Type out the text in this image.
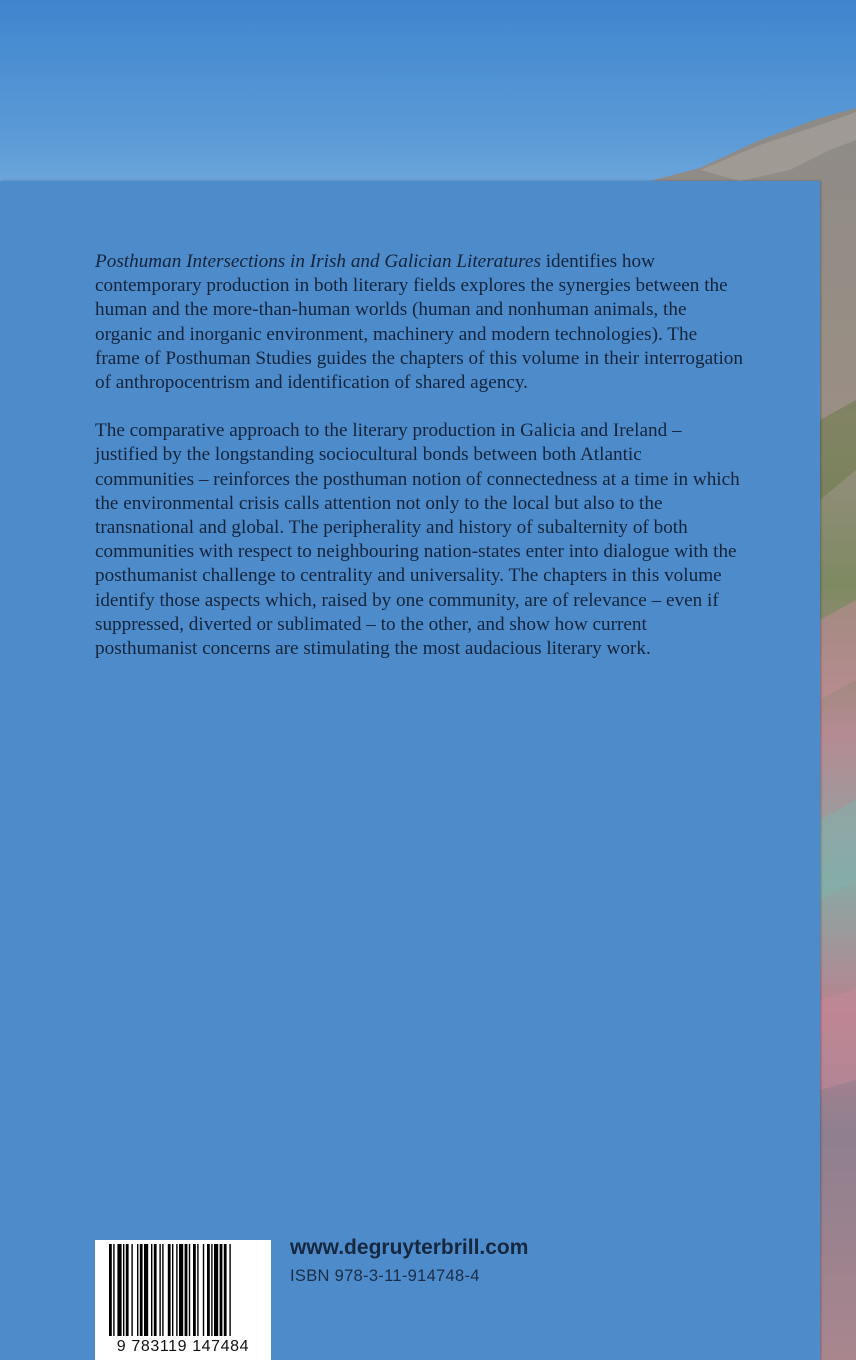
Posthuman Intersections in Irish and Galician Literatures identifies how contemporary production in both literary fields explores the synergies between the human and the more-than-human worlds (human and nonhuman animals, the organic and inorganic environment, machinery and modern technologies). The frame of Posthuman Studies guides the chapters of this volume in their interrogation of anthropocentrism and identification of shared agency.

The comparative approach to the literary production in Galicia and Ireland – justified by the longstanding sociocultural bonds between both Atlantic communities – reinforces the posthuman notion of connectedness at a time in which the environmental crisis calls attention not only to the local but also to the transnational and global. The peripherality and history of subalternity of both communities with respect to neighbouring nation-states enter into dialogue with the posthumanist challenge to centrality and universality. The chapters in this volume identify those aspects which, raised by one community, are of relevance – even if suppressed, diverted or sublimated – to the other, and show how current posthumanist concerns are stimulating the most audacious literary work.

9 783119 147484
www.degruyterbrill.com
ISBN 978-3-11-914748-4
